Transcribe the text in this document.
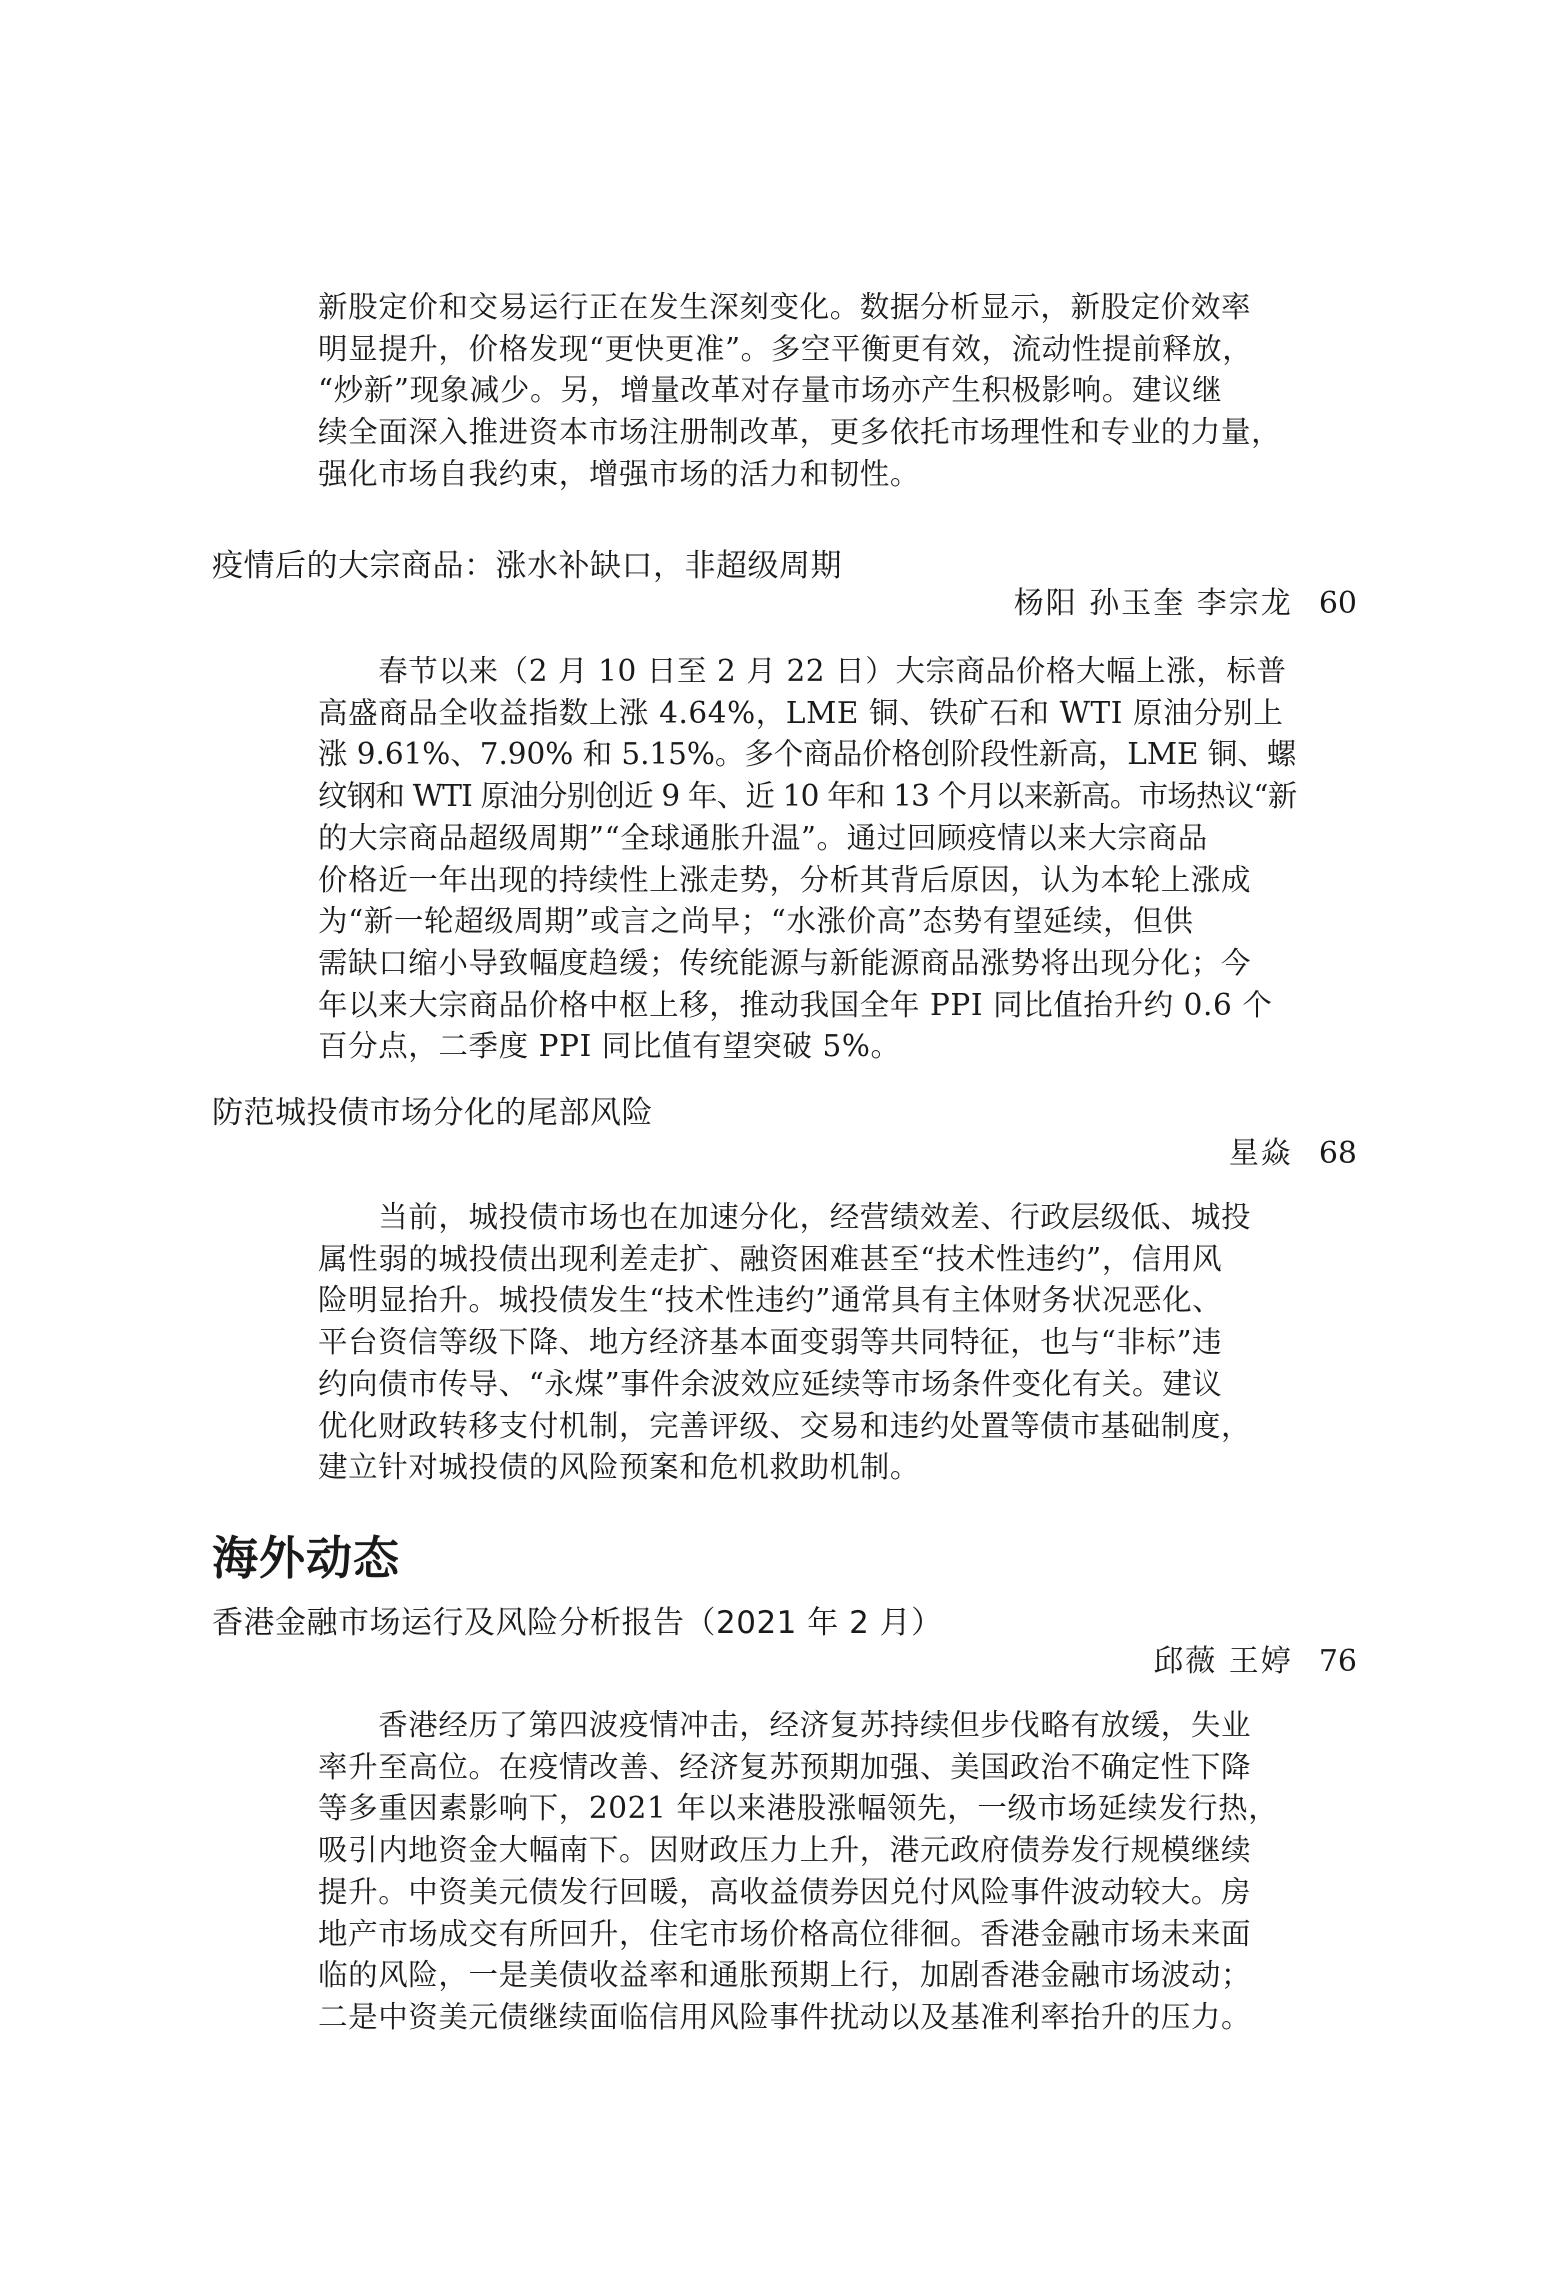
新股定价和交易运行正在发生深刻变化。数据分析显示，新股定价效率
明显提升，价格发现“更快更准”。多空平衡更有效，流动性提前释放，
“炒新”现象减少。另，增量改革对存量市场亦产生积极影响。建议继
续全面深入推进资本市场注册制改革，更多依托市场理性和专业的力量，
强化市场自我约束，增强市场的活力和韧性。
疫情后的大宗商品：涨水补缺口，非超级周期
杨阳 孙玉奎 李宗龙 60
　　春节以来（2 月 10 日至 2 月 22 日）大宗商品价格大幅上涨，标普
高盛商品全收益指数上涨 4.64%，LME 铜、铁矿石和 WTI 原油分别上
涨 9.61%、7.90% 和 5.15%。多个商品价格创阶段性新高，LME 铜、螺
纹钢和 WTI 原油分别创近 9 年、近 10 年和 13 个月以来新高。市场热议“新
的大宗商品超级周期”“全球通胀升温”。通过回顾疫情以来大宗商品
价格近一年出现的持续性上涨走势，分析其背后原因，认为本轮上涨成
为“新一轮超级周期”或言之尚早；“水涨价高”态势有望延续，但供
需缺口缩小导致幅度趋缓；传统能源与新能源商品涨势将出现分化；今
年以来大宗商品价格中枢上移，推动我国全年 PPI 同比值抬升约 0.6 个
百分点，二季度 PPI 同比值有望突破 5%。
防范城投债市场分化的尾部风险
星焱 68
　　当前，城投债市场也在加速分化，经营绩效差、行政层级低、城投
属性弱的城投债出现利差走扩、融资困难甚至“技术性违约”，信用风
险明显抬升。城投债发生“技术性违约”通常具有主体财务状况恶化、
平台资信等级下降、地方经济基本面变弱等共同特征，也与“非标”违
约向债市传导、“永煤”事件余波效应延续等市场条件变化有关。建议
优化财政转移支付机制，完善评级、交易和违约处置等债市基础制度，
建立针对城投债的风险预案和危机救助机制。
海外动态
香港金融市场运行及风险分析报告（2021 年 2 月）
邱薇 王婷 76
　　香港经历了第四波疫情冲击，经济复苏持续但步伐略有放缓，失业
率升至高位。在疫情改善、经济复苏预期加强、美国政治不确定性下降
等多重因素影响下，2021 年以来港股涨幅领先，一级市场延续发行热，
吸引内地资金大幅南下。因财政压力上升，港元政府债券发行规模继续
提升。中资美元债发行回暖，高收益债券因兑付风险事件波动较大。房
地产市场成交有所回升，住宅市场价格高位徘徊。香港金融市场未来面
临的风险，一是美债收益率和通胀预期上行，加剧香港金融市场波动；
二是中资美元债继续面临信用风险事件扰动以及基准利率抬升的压力。
